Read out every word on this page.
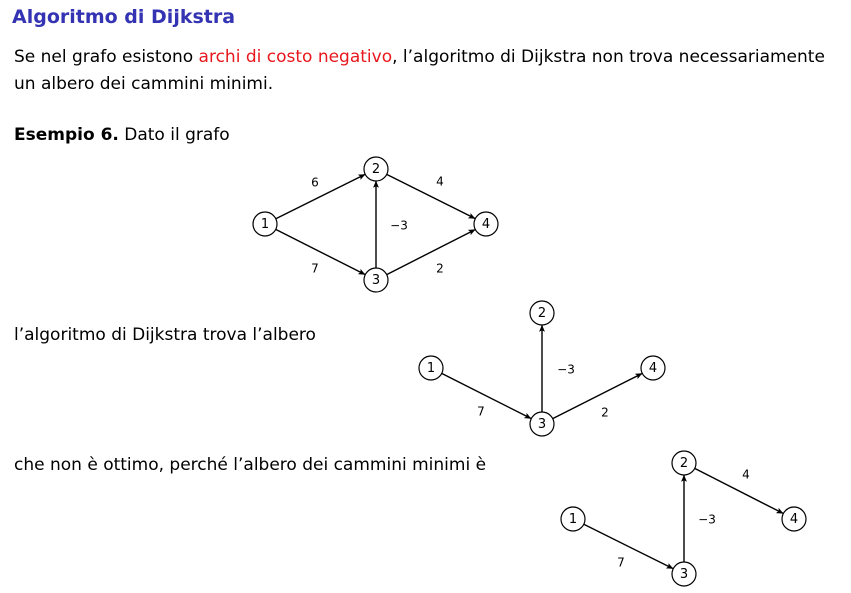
Algoritmo di Dijkstra
Se nel grafo esistono archi di costo negativo, l’algoritmo di Dijkstra non trova necessariamente un albero dei cammini minimi.
Esempio 6. Dato il grafo
l’algoritmo di Dijkstra trova l’albero
che non è ottimo, perché l’albero dei cammini minimi è
6
7
−3
4
2
1
2
3
4
7
−3
2
1
2
3
4
7
−3
4
1
2
3
4
